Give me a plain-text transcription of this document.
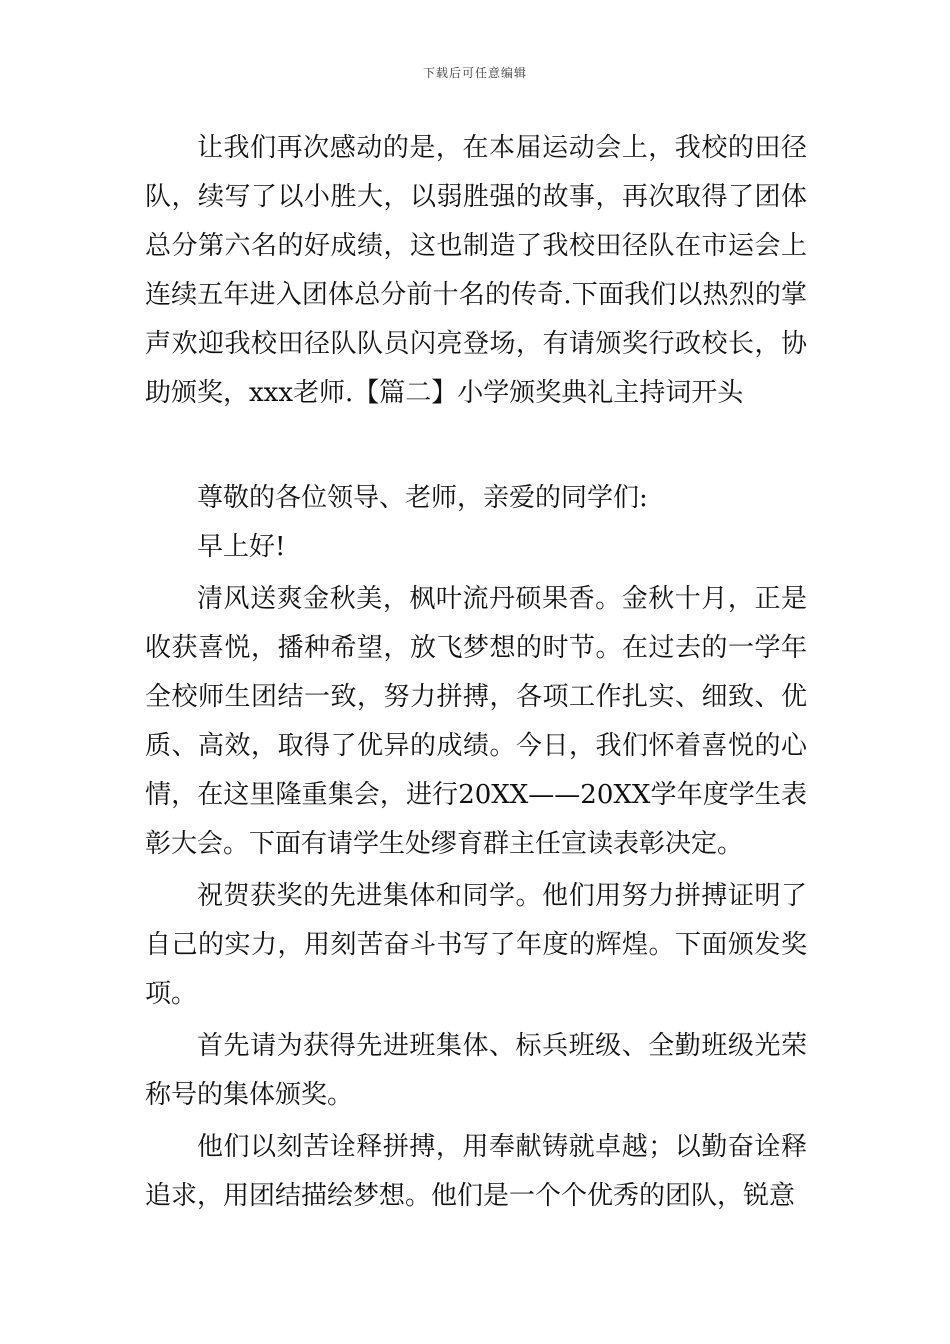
下载后可任意编辑

让我们再次感动的是，在本届运动会上，我校的田径队，续写了以小胜大，以弱胜强的故事，再次取得了团体总分第六名的好成绩，这也制造了我校田径队在市运会上连续五年进入团体总分前十名的传奇.下面我们以热烈的掌声欢迎我校田径队队员闪亮登场，有请颁奖行政校长，协助颁奖，xxx老师.【篇二】小学颁奖典礼主持词开头

尊敬的各位领导、老师，亲爱的同学们:

早上好!

清风送爽金秋美，枫叶流丹硕果香。金秋十月，正是收获喜悦，播种希望，放飞梦想的时节。在过去的一学年全校师生团结一致，努力拼搏，各项工作扎实、细致、优质、高效，取得了优异的成绩。今日，我们怀着喜悦的心情，在这里隆重集会，进行20XX——20XX学年度学生表彰大会。下面有请学生处缪育群主任宣读表彰决定。

祝贺获奖的先进集体和同学。他们用努力拼搏证明了自己的实力，用刻苦奋斗书写了年度的辉煌。下面颁发奖项。

首先请为获得先进班集体、标兵班级、全勤班级光荣称号的集体颁奖。

他们以刻苦诠释拼搏，用奉献铸就卓越；以勤奋诠释追求，用团结描绘梦想。他们是一个个优秀的团队，锐意
